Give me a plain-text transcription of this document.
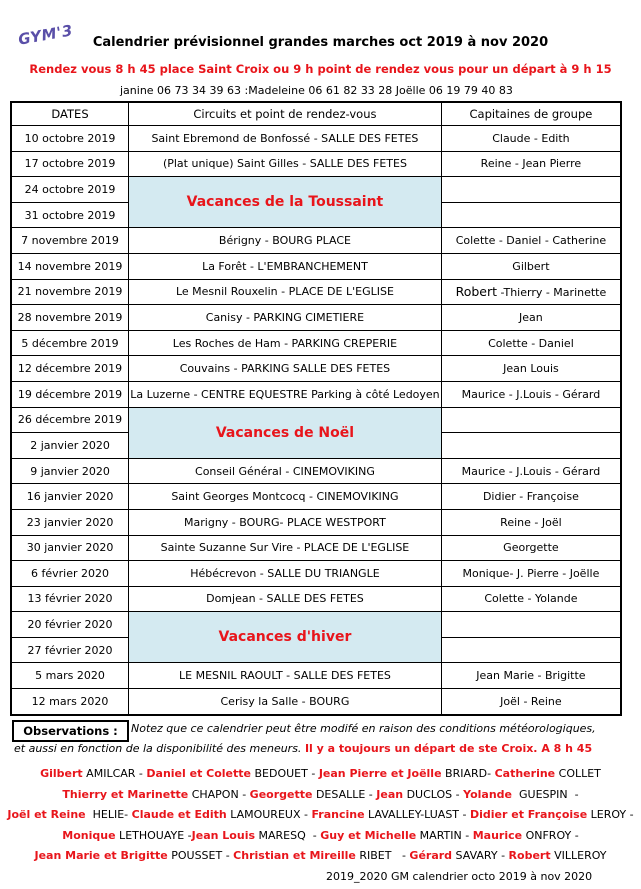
GYM'3	Calendrier prévisionnel grandes marches oct 2019 à nov 2020
Rendez vous 8 h 45 place Saint Croix ou 9 h point de rendez vous pour un départ à 9 h 15
janine 06 73 34 39 63 :Madeleine 06 61 82 33 28 Joëlle 06 19 79 40 83
DATES	Circuits et point de rendez-vous	Capitaines de groupe
10 octobre 2019	Saint Ebremond de Bonfossé - SALLE DES FETES	Claude - Edith
17 octobre 2019	(Plat unique) Saint Gilles - SALLE DES FETES	Reine - Jean Pierre
24 octobre 2019	Vacances de la Toussaint	
31 octobre 2019		
7 novembre 2019	Bérigny - BOURG PLACE	Colette - Daniel - Catherine
14 novembre 2019	La Forêt - L'EMBRANCHEMENT	Gilbert
21 novembre 2019	Le Mesnil Rouxelin - PLACE DE L'EGLISE	Robert -Thierry - Marinette
28 novembre 2019	Canisy - PARKING CIMETIERE	Jean
5 décembre 2019	Les Roches de Ham - PARKING CREPERIE	Colette - Daniel
12 décembre 2019	Couvains - PARKING SALLE DES FETES	Jean Louis
19 décembre 2019	La Luzerne - CENTRE EQUESTRE Parking à côté Ledoyen	Maurice - J.Louis - Gérard
26 décembre 2019	Vacances de Noël	
2 janvier 2020		
9 janvier 2020	Conseil Général - CINEMOVIKING	Maurice - J.Louis - Gérard
16 janvier 2020	Saint Georges Montcocq - CINEMOVIKING	Didier - Françoise
23 janvier 2020	Marigny - BOURG- PLACE WESTPORT	Reine - Joël
30 janvier 2020	Sainte Suzanne Sur Vire - PLACE DE L'EGLISE	Georgette
6 février 2020	Hébécrevon - SALLE DU TRIANGLE	Monique- J. Pierre - Joëlle
13 février 2020	Domjean - SALLE DES FETES	Colette - Yolande
20 février 2020	Vacances d'hiver	
27 février 2020		
5 mars 2020	LE MESNIL RAOULT - SALLE DES FETES	Jean Marie - Brigitte
12 mars 2020	Cerisy la Salle - BOURG	Joël - Reine
Observations :	Notez que ce calendrier peut être modifé en raison des conditions météorologiques,
et aussi en fonction de la disponibilité des meneurs. Il y a toujours un départ de ste Croix. A 8 h 45
Gilbert AMILCAR - Daniel et Colette BEDOUET - Jean Pierre et Joëlle BRIARD- Catherine COLLET
Thierry et Marinette CHAPON - Georgette DESALLE - Jean DUCLOS - Yolande  GUESPIN  -
Joël et Reine  HELIE- Claude et Edith LAMOUREUX - Francine LAVALLEY-LUAST - Didier et Françoise LEROY -
Monique LETHOUAYE -Jean Louis MARESQ  - Guy et Michelle MARTIN - Maurice ONFROY -
Jean Marie et Brigitte POUSSET - Christian et Mireille RIBET   - Gérard SAVARY - Robert VILLEROY
2019_2020 GM calendrier octo 2019 à nov 2020
